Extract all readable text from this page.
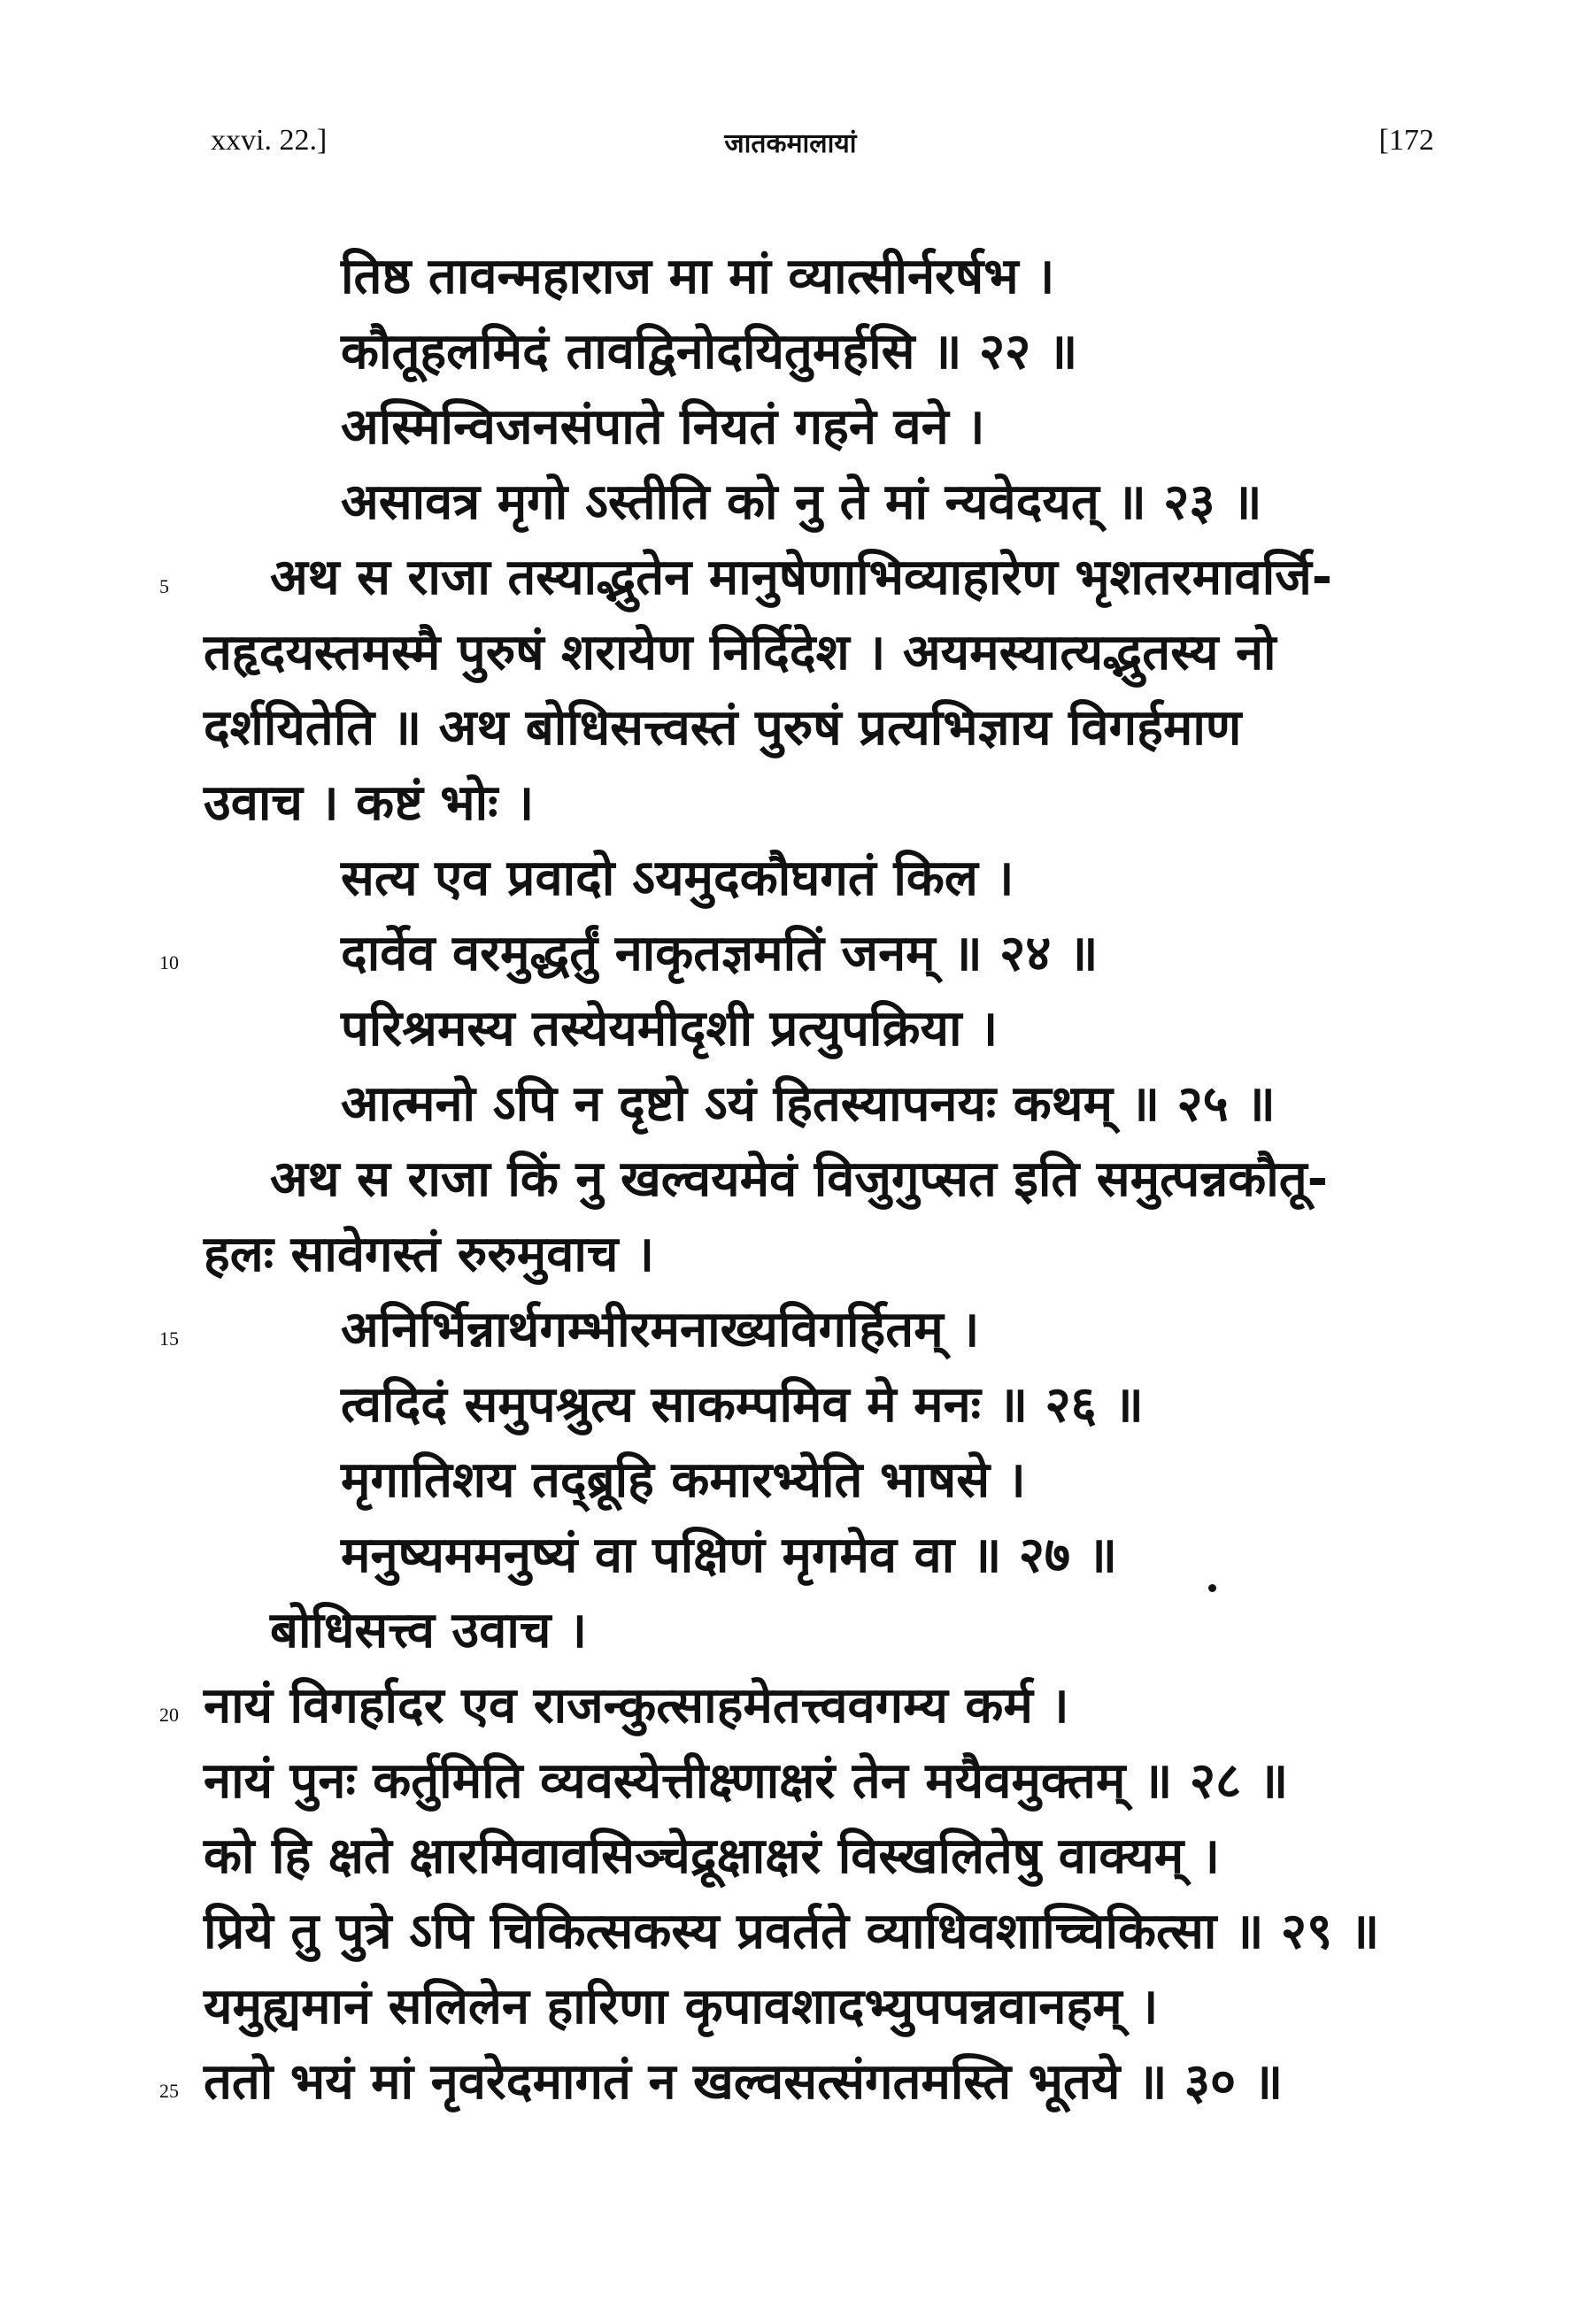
xxvi. 22.]	जातकमालायां	[172
तिष्ठ तावन्महाराज मा मां व्यात्सीर्नरर्षभ ।
कौतूहलमिदं तावद्विनोदयितुमर्हसि ॥ २२ ॥
अस्मिन्विजनसंपाते नियतं गहने वने ।
असावत्र मृगो ऽस्तीति को नु ते मां न्यवेदयत् ॥ २३ ॥
अथ स राजा तस्याद्भुतेन मानुषेणाभिव्याहारेण भृशतरमावर्जि-
तहृदयस्तमस्मै पुरुषं शरायेण निर्दिदेश । अयमस्यात्यद्भुतस्य नो
दर्शयितेति ॥ अथ बोधिसत्त्वस्तं पुरुषं प्रत्यभिज्ञाय विगर्हमाण
उवाच । कष्टं भोः ।
सत्य एव प्रवादो ऽयमुदकौघगतं किल ।
दार्वेव वरमुद्धर्तुं नाकृतज्ञमतिं जनम् ॥ २४ ॥
परिश्रमस्य तस्येयमीदृशी प्रत्युपक्रिया ।
आत्मनो ऽपि न दृष्टो ऽयं हितस्यापनयः कथम् ॥ २५ ॥
अथ स राजा किं नु खल्वयमेवं विजुगुप्सत इति समुत्पन्नकौतू-
हलः सावेगस्तं रुरुमुवाच ।
अनिर्भिन्नार्थगम्भीरमनाख्यविगर्हितम् ।
त्वदिदं समुपश्रुत्य साकम्पमिव मे मनः ॥ २६ ॥
मृगातिशय तद्ब्रूहि कमारभ्येति भाषसे ।
मनुष्यममनुष्यं वा पक्षिणं मृगमेव वा ॥ २७ ॥
बोधिसत्त्व उवाच ।
नायं विगर्हादर एव राजन्कुत्साहमेतत्त्ववगम्य कर्म ।
नायं पुनः कर्तुमिति व्यवस्येत्तीक्ष्णाक्षरं तेन मयैवमुक्तम् ॥ २८ ॥
को हि क्षते क्षारमिवावसिञ्चेद्रूक्षाक्षरं विस्खलितेषु वाक्यम् ।
प्रिये तु पुत्रे ऽपि चिकित्सकस्य प्रवर्तते व्याधिवशाच्चिकित्सा ॥ २९ ॥
यमुह्यमानं सलिलेन हारिणा कृपावशादभ्युपपन्नवानहम् ।
ततो भयं मां नृवरेदमागतं न खल्वसत्संगतमस्ति भूतये ॥ ३० ॥
5
10
15
20
25
